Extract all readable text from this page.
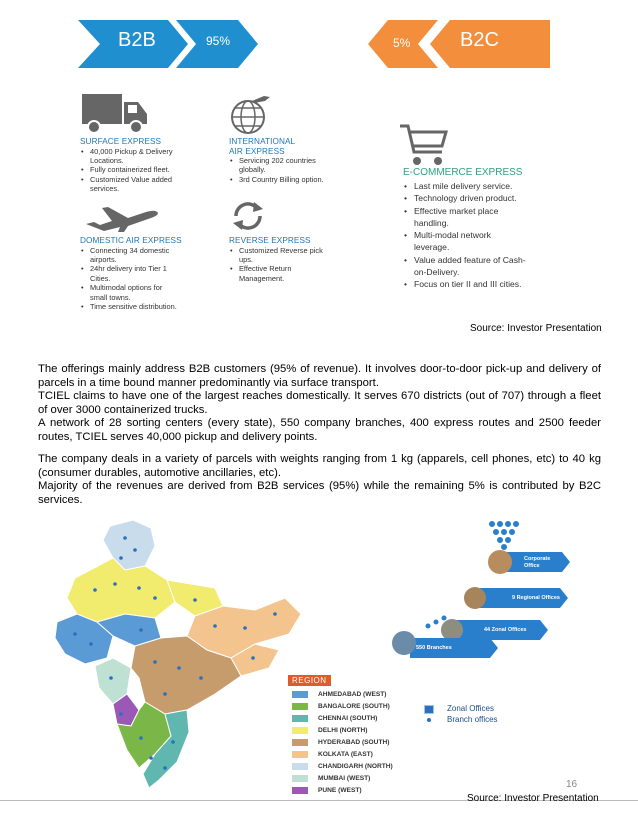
B2B	95%	5% B2C
SURFACE EXPRESS
• 40,000 Pickup & Delivery Locations.
• Fully containerized fleet.
• Customized Value added services.
INTERNATIONAL AIR EXPRESS
• Servicing 202 countries globally.
• 3rd Country Billing option.
DOMESTIC AIR EXPRESS
• Connecting 34 domestic airports.
• 24hr delivery into Tier 1 Cities.
• Multimodal options for small towns.
• Time sensitive distribution.
REVERSE EXPRESS
• Customized Reverse pick ups.
• Effective Return Management.
E-COMMERCE EXPRESS
• Last mile delivery service.
• Technology driven product.
• Effective market place handling.
• Multi-modal network leverage.
• Value added feature of Cash-on-Delivery.
• Focus on tier II and III cities.
Source: Investor Presentation
The offerings mainly address B2B customers (95% of revenue). It involves door-to-door pick-up and delivery of parcels in a time bound manner predominantly via surface transport.
TCIEL claims to have one of the largest reaches domestically. It serves 670 districts (out of 707) through a fleet of over 3000 containerized trucks.
A network of 28 sorting centers (every state), 550 company branches, 400 express routes and 2500 feeder routes, TCIEL serves 40,000 pickup and delivery points.
The company deals in a variety of parcels with weights ranging from 1 kg (apparels, cell phones, etc) to 40 kg (consumer durables, automotive ancillaries, etc).
Majority of the revenues are derived from B2B services (95%) while the remaining 5% is contributed by B2C services.
Corporate Office
9 Regional Offices
44 Zonal Offices
550 Branches
REGION
AHMEDABAD (WEST)
BANGALORE (SOUTH)
CHENNAI (SOUTH)
DELHI (NORTH)
HYDERABAD (SOUTH)
KOLKATA (EAST)
CHANDIGARH (NORTH)
MUMBAI (WEST)
PUNE (WEST)
Zonal Offices
Branch offices
16
Source: Investor Presentation
